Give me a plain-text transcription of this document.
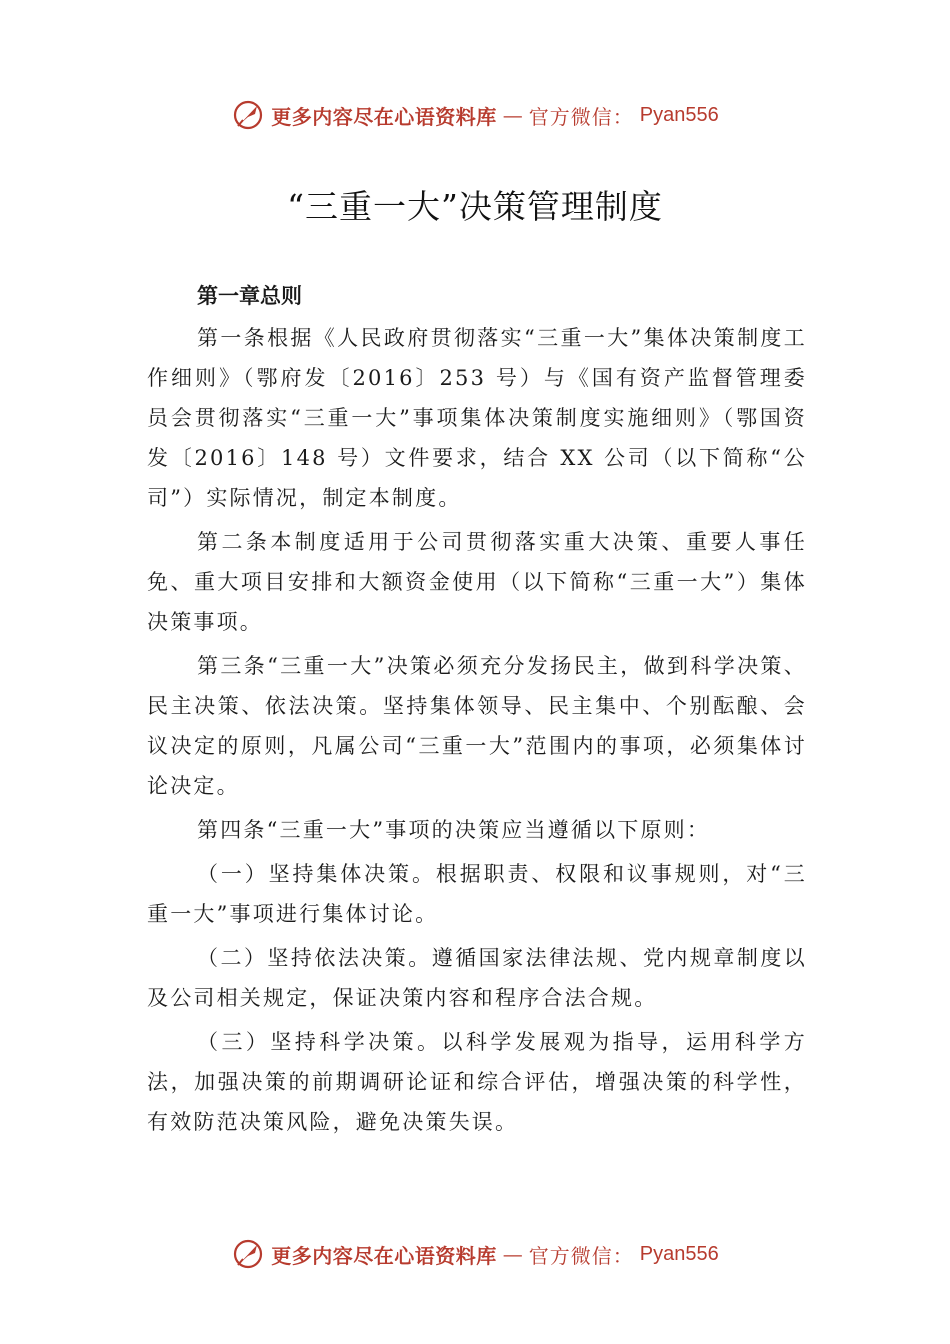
更多内容尽在心语资料库 — 官方微信： Pyan556
“三重一大”决策管理制度
第一章总则

第一条根据《人民政府贯彻落实“三重一大”集体决策制度工作细则》（鄂府发〔2016〕253 号）与《国有资产监督管理委员会贯彻落实“三重一大”事项集体决策制度实施细则》（鄂国资发〔2016〕148 号）文件要求，结合 XX 公司（以下简称“公司”）实际情况，制定本制度。

第二条本制度适用于公司贯彻落实重大决策、重要人事任免、重大项目安排和大额资金使用（以下简称“三重一大”）集体决策事项。

第三条“三重一大”决策必须充分发扬民主，做到科学决策、民主决策、依法决策。坚持集体领导、民主集中、个别酝酿、会议决定的原则，凡属公司“三重一大”范围内的事项，必须集体讨论决定。

第四条“三重一大”事项的决策应当遵循以下原则：

（一）坚持集体决策。根据职责、权限和议事规则，对“三重一大”事项进行集体讨论。

（二）坚持依法决策。遵循国家法律法规、党内规章制度以及公司相关规定，保证决策内容和程序合法合规。

（三）坚持科学决策。以科学发展观为指导，运用科学方法，加强决策的前期调研论证和综合评估，增强决策的科学性，有效防范决策风险，避免决策失误。

更多内容尽在心语资料库 — 官方微信： Pyan556
